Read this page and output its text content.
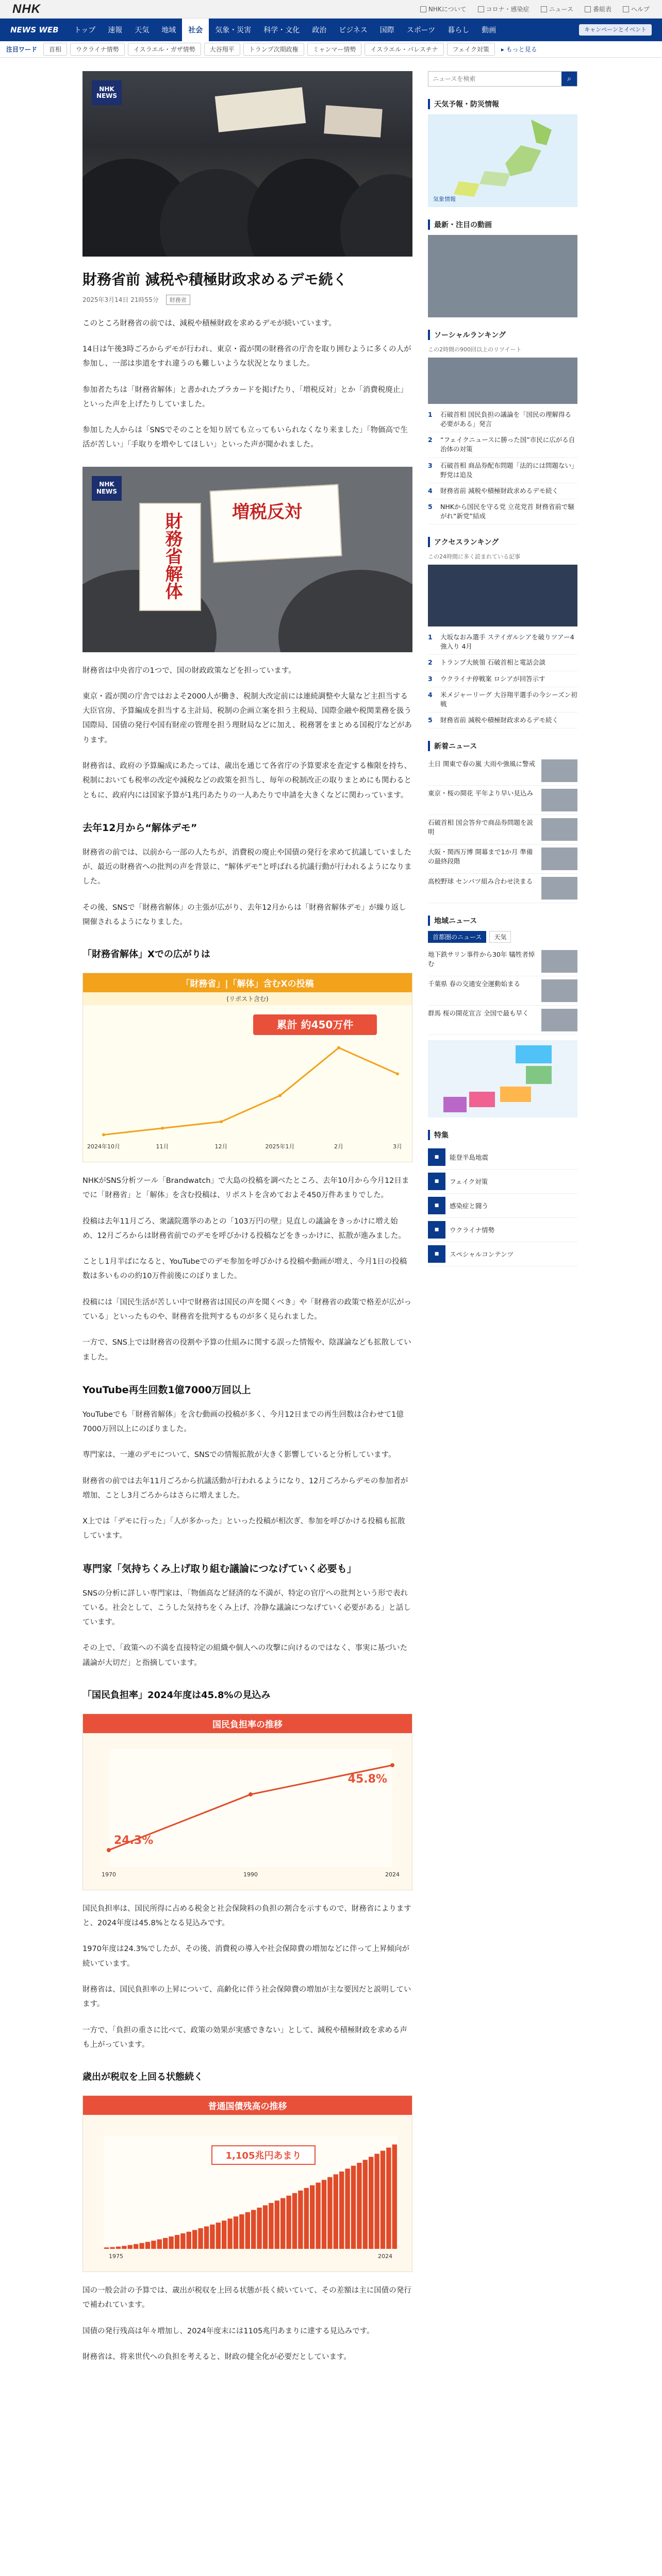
NHK	NHKについて	コロナ・感染症	ニュース	番組表	ヘルプ
NEWS WEB	トップ	速報	天気	地域	社会	気象・災害	科学・文化	政治	ビジネス	国際	スポーツ	暮らし	動画	キャンペーンとイベント
注目ワード	首相	ウクライナ情勢	イスラエル・ガザ情勢	大谷翔平	トランプ次期政権	ミャンマー情勢	イスラエル・パレスチナ	フェイク対策	▸ もっと見る
NHK
NEWS
財務省前 減税や積極財政求めるデモ続く
2025年3月14日 21時55分	財務省

このところ財務省の前では、減税や積極財政を求めるデモが続いています。

14日は午後3時ごろからデモが行われ、東京・霞が関の財務省の庁舎を取り囲むように多くの人が参加し、一部は歩道をすれ違うのも難しいような状況となりました。

参加者たちは「財務省解体」と書かれたプラカードを掲げたり、「増税反対」とか「消費税廃止」といった声を上げたりしていました。

参加した人からは「SNSでそのことを知り居ても立ってもいられなくなり来ました」「物価高で生活が苦しい」「手取りを増やしてほしい」といった声が聞かれました。

財務省解体	増税反対
NHK
NEWS

財務省は中央省庁の1つで、国の財政政策などを担っています。

東京・霞が関の庁舎ではおよそ2000人が働き、税制大改定前には連続調整や大量など主担当する大臣官房、予算編成を担当する主計局、税制の企画立案を担う主税局、国際金融や税関業務を扱う国際局、国債の発行や国有財産の管理を担う理財局などに加え、税務署をまとめる国税庁などがあります。

財務省は、政府の予算編成にあたっては、歳出を通じて各省庁の予算要求を査定する権限を持ち、税制においても税率の改定や減税などの政策を担当し、毎年の税制改正の取りまとめにも関わるとともに、政府内には国家予算が1兆円あたりの一人あたりで申請を大きくなどに関わっています。

去年12月から“解体デモ”

財務省の前では、以前から一部の人たちが、消費税の廃止や国債の発行を求めて抗議していましたが、最近の財務省への批判の声を背景に、“解体デモ”と呼ばれる抗議行動が行われるようになりました。

その後、SNSで「財務省解体」の主張が広がり、去年12月からは「財務省解体デモ」が繰り返し開催されるようになりました。

「財務省解体」Xでの広がりは
「財務省」|「解体」含むXの投稿
(リポスト含む)
2024年10月	11月	12月	2025年1月	2月	3月
累計 約450万件

NHKがSNS分析ツール「Brandwatch」で大島の投稿を調べたところ、去年10月から今月12日までに「財務省」と「解体」を含む投稿は、リポストを含めておよそ450万件あまりでした。

投稿は去年11月ごろ、衆議院選挙のあとの「103万円の壁」見直しの議論をきっかけに増え始め、12月ごろからは財務省前でのデモを呼びかける投稿などをきっかけに、拡散が進みました。

ことし1月半ばになると、YouTubeでのデモ参加を呼びかける投稿や動画が増え、今月1日の投稿数は多いものの約10万件前後にのぼりました。

投稿には「国民生活が苦しい中で財務省は国民の声を聞くべき」や「財務省の政策で格差が広がっている」といったものや、財務省を批判するものが多く見られました。

一方で、SNS上では財務省の役割や予算の仕組みに関する誤った情報や、陰謀論なども拡散していました。

YouTube再生回数1億7000万回以上

YouTubeでも「財務省解体」を含む動画の投稿が多く、今月12日までの再生回数は合わせて1億7000万回以上にのぼりました。

専門家は、一連のデモについて、SNSでの情報拡散が大きく影響していると分析しています。

財務省の前では去年11月ごろから抗議活動が行われるようになり、12月ごろからデモの参加者が増加、ことし3月ごろからはさらに増えました。

X上では「デモに行った」「人が多かった」といった投稿が相次ぎ、参加を呼びかける投稿も拡散しています。

専門家「気持ちくみ上げ取り組む議論につなげていく必要も」

SNSの分析に詳しい専門家は、「物価高など経済的な不満が、特定の官庁への批判という形で表れている。社会として、こうした気持ちをくみ上げ、冷静な議論につなげていく必要がある」と話しています。

その上で、「政策への不満を直接特定の組織や個人への攻撃に向けるのではなく、事実に基づいた議論が大切だ」と指摘しています。

「国民負担率」2024年度は45.8%の見込み
国民負担率の推移
1970	1990	2024
24.3%
45.8%

国民負担率は、国民所得に占める税金と社会保険料の負担の割合を示すもので、財務省によりますと、2024年度は45.8%となる見込みです。

1970年度は24.3%でしたが、その後、消費税の導入や社会保障費の増加などに伴って上昇傾向が続いています。

財務省は、国民負担率の上昇について、高齢化に伴う社会保障費の増加が主な要因だと説明しています。

一方で、「負担の重さに比べて、政策の効果が実感できない」として、減税や積極財政を求める声も上がっています。

歳出が税収を上回る状態続く
普通国債残高の推移
1975	2024
1,105兆円あまり

国の一般会計の予算では、歳出が税収を上回る状態が長く続いていて、その差額は主に国債の発行で補われています。

国債の発行残高は年々増加し、2024年度末には1105兆円あまりに達する見込みです。

財務省は、将来世代への負担を考えると、財政の健全化が必要だとしています。

ニュースを検索
⌕
天気予報・防災情報
気象情報
最新・注目の動画
ソーシャルランキング
この2時間の900回以上のリツイート
1	石破首相 国民負担の議論を「国民の理解得る必要がある」発言
2	“フェイクニュースに勝った国”市民に広がる自治体の対策
3	石破首相 商品券配布問題「法的には問題ない」野党は追及
4	財務省前 減税や積極財政求めるデモ続く
5	NHKから国民を守る党 立花党首 財務省前で騒がれ“新党”結成
アクセスランキング
この24時間に多く読まれている記事
1	大坂なおみ選手 ステイガルシアを破りツアー4強入り 4月
2	トランプ大統領 石破首相と電話会談
3	ウクライナ停戦案 ロシアが回答示す
4	米メジャーリーグ 大谷翔平選手の今シーズン初戦
5	財務省前 減税や積極財政求めるデモ続く
新着ニュース
土日 関東で春の嵐 大雨や強風に警戒
東京・桜の開花 平年より早い見込み
石破首相 国会答弁で商品券問題を説明
大阪・関西万博 開幕まで1か月 準備の最終段階
高校野球 センバツ組み合わせ決まる
地域ニュース
首都圏のニュース	天気
地下鉄サリン事件から30年 犠牲者悼む
千葉県 春の交通安全運動始まる
群馬 桜の開花宣言 全国で最も早く
特集
■	能登半島地震
■	フェイク対策
■	感染症と闘う
■	ウクライナ情勢
■	スペシャルコンテンツ
